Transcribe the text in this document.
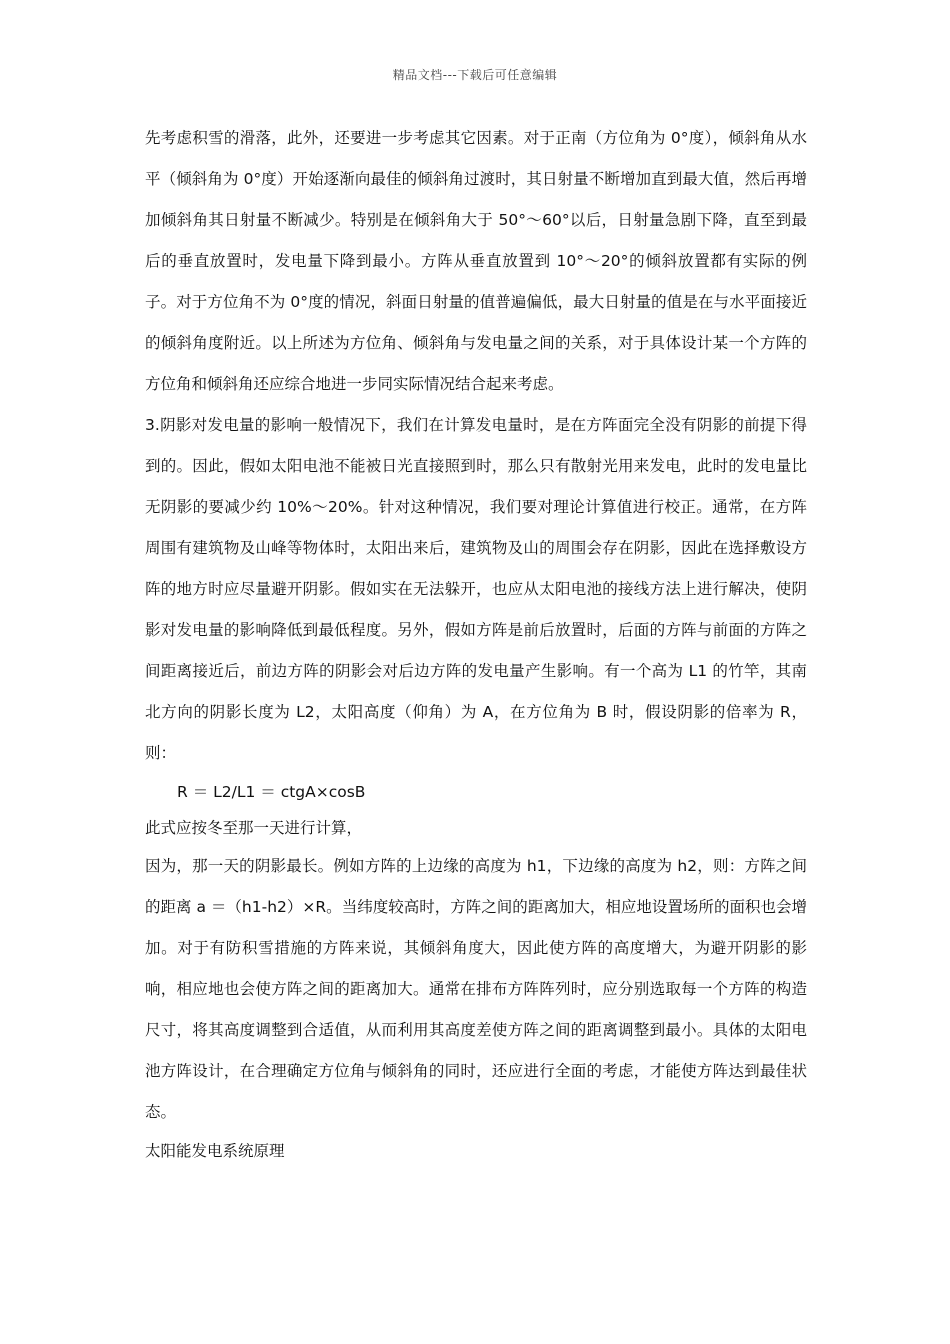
精品文档---下载后可任意编辑

先考虑积雪的滑落，此外，还要进一步考虑其它因素。对于正南（方位角为 0°度），倾斜角从水平（倾斜角为 0°度）开始逐渐向最佳的倾斜角过渡时，其日射量不断增加直到最大值，然后再增加倾斜角其日射量不断减少。特别是在倾斜角大于 50°～60°以后，日射量急剧下降，直至到最后的垂直放置时，发电量下降到最小。方阵从垂直放置到 10°～20°的倾斜放置都有实际的例子。对于方位角不为 0°度的情况，斜面日射量的值普遍偏低，最大日射量的值是在与水平面接近的倾斜角度附近。以上所述为方位角、倾斜角与发电量之间的关系，对于具体设计某一个方阵的方位角和倾斜角还应综合地进一步同实际情况结合起来考虑。

3.阴影对发电量的影响一般情况下，我们在计算发电量时，是在方阵面完全没有阴影的前提下得到的。因此，假如太阳电池不能被日光直接照到时，那么只有散射光用来发电，此时的发电量比无阴影的要减少约 10%～20%。针对这种情况，我们要对理论计算值进行校正。通常，在方阵周围有建筑物及山峰等物体时，太阳出来后，建筑物及山的周围会存在阴影，因此在选择敷设方阵的地方时应尽量避开阴影。假如实在无法躲开，也应从太阳电池的接线方法上进行解决，使阴影对发电量的影响降低到最低程度。另外，假如方阵是前后放置时，后面的方阵与前面的方阵之间距离接近后，前边方阵的阴影会对后边方阵的发电量产生影响。有一个高为 L1 的竹竿，其南北方向的阴影长度为 L2，太阳高度（仰角）为 A，在方位角为 B 时，假设阴影的倍率为 R，则：

R ＝ L2/L1 ＝ ctgA×cosB

此式应按冬至那一天进行计算，

因为，那一天的阴影最长。例如方阵的上边缘的高度为 h1，下边缘的高度为 h2，则：方阵之间的距离 a ＝（h1-h2）×R。当纬度较高时，方阵之间的距离加大，相应地设置场所的面积也会增加。对于有防积雪措施的方阵来说，其倾斜角度大，因此使方阵的高度增大，为避开阴影的影响，相应地也会使方阵之间的距离加大。通常在排布方阵阵列时，应分别选取每一个方阵的构造尺寸，将其高度调整到合适值，从而利用其高度差使方阵之间的距离调整到最小。具体的太阳电池方阵设计，在合理确定方位角与倾斜角的同时，还应进行全面的考虑，才能使方阵达到最佳状态。

太阳能发电系统原理
